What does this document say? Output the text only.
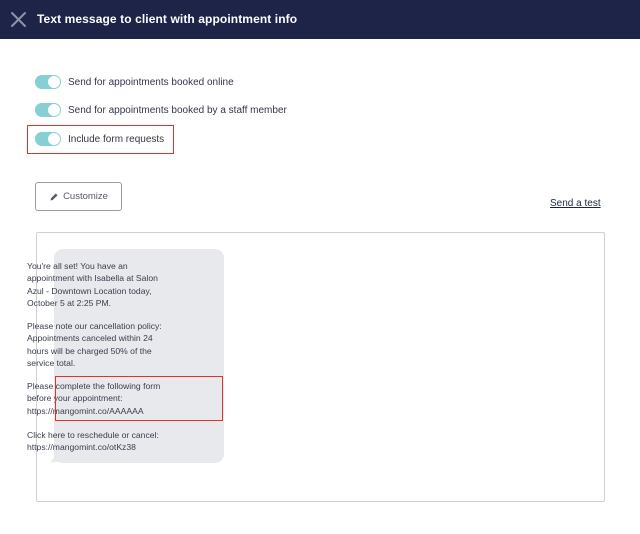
Text message to client with appointment info
Send for appointments booked online
Send for appointments booked by a staff member
Include form requests
Customize
Send a test
You're all set! You have an
appointment with Isabella at Salon
Azul - Downtown Location today,
October 5 at 2:25 PM.
Please note our cancellation policy:
Appointments canceled within 24
hours will be charged 50% of the
service total.
Please complete the following form
before your appointment:
https://mangomint.co/AAAAAA
Click here to reschedule or cancel:
https://mangomint.co/otKz38
